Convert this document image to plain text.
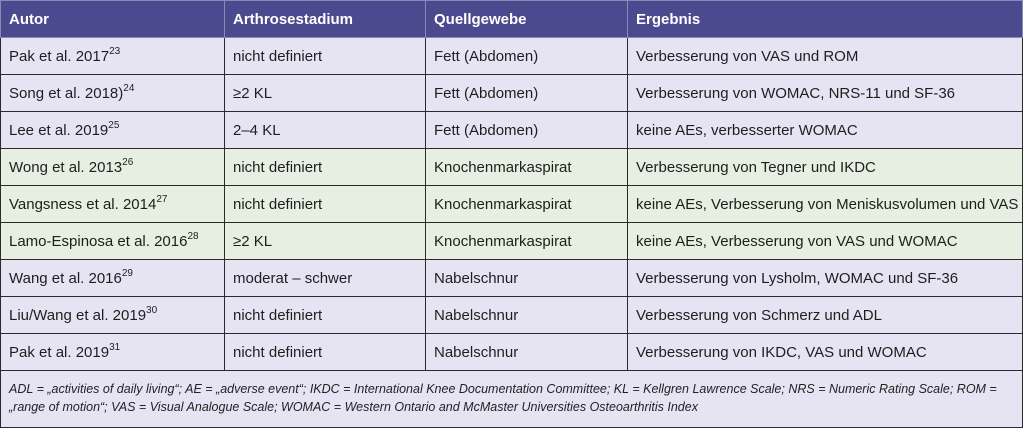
Autor	Arthrosestadium	Quellgewebe	Ergebnis
Pak et al. 2017$^{23}$	nicht definiert	Fett (Abdomen)	Verbesserung von VAS und ROM
Song et al. 2018)$^{24}$	≥2 KL	Fett (Abdomen)	Verbesserung von WOMAC, NRS-11 und SF-36
Lee et al. 2019$^{25}$	2–4 KL	Fett (Abdomen)	keine AEs, verbesserter WOMAC
Wong et al. 2013$^{26}$	nicht definiert	Knochenmarkaspirat	Verbesserung von Tegner und IKDC
Vangsness et al. 2014$^{27}$	nicht definiert	Knochenmarkaspirat	keine AEs, Verbesserung von Meniskusvolumen und VAS
Lamo-Espinosa et al. $2016^{28}$	≥2 KL	Knochenmarkaspirat	keine AEs, Verbesserung von VAS und WOMAC
Wang et al. 2016$^{29}$	moderat – schwer	Nabelschnur	Verbesserung von Lysholm, WOMAC und SF-36
Liu/Wang et al. 2019$^{30}$	nicht definiert	Nabelschnur	Verbesserung von Schmerz und ADL
Pak et al. 2019$^{31}$	nicht definiert	Nabelschnur	Verbesserung von IKDC, VAS und WOMAC
ADL = „activities of daily living“; AE = „adverse event“; IKDC = International Knee Documentation Committee; KL = Kellgren Lawrence Scale; NRS = Numeric Rating Scale; ROM = „range of motion“; VAS = Visual Analogue Scale; WOMAC = Western Ontario and McMaster Universities Osteoarthritis Index			
